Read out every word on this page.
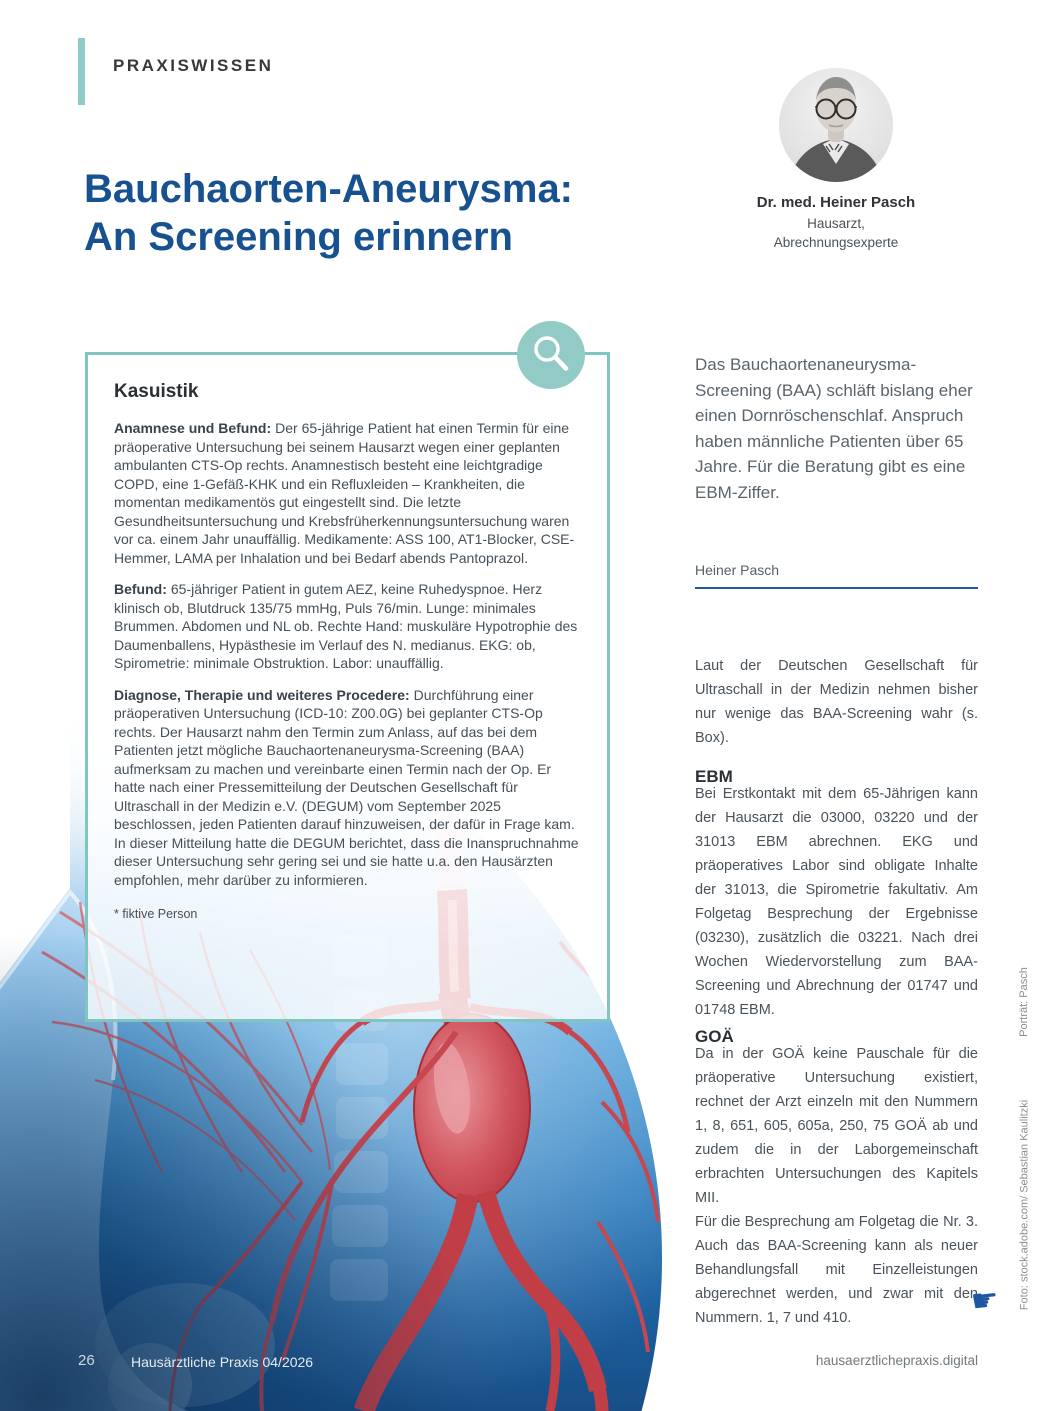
PRAXISWISSEN
Bauchaorten-Aneurysma:
An Screening erinnern
Dr. med. Heiner Pasch
Hausarzt,
Abrechnungsexperte
Kasuistik

Anamnese und Befund: Der 65-jährige Patient hat einen Termin für eine präoperative Untersuchung bei seinem Hausarzt wegen einer geplanten ambulanten CTS-Op rechts. Anamnestisch besteht eine leichtgradige COPD, eine 1-Gefäß-KHK und ein Refluxleiden – Krankheiten, die momentan medikamentös gut eingestellt sind. Die letzte Gesundheitsuntersuchung und Krebsfrüherkennungsuntersuchung waren vor ca. einem Jahr unauffällig. Medikamente: ASS 100, AT1-Blocker, CSE-Hemmer, LAMA per Inhalation und bei Bedarf abends Pantoprazol.

Befund: 65-jähriger Patient in gutem AEZ, keine Ruhedyspnoe. Herz klinisch ob, Blutdruck 135/75 mmHg, Puls 76/min. Lunge: minimales Brummen. Abdomen und NL ob. Rechte Hand: muskuläre Hypotrophie des Daumenballens, Hypästhesie im Verlauf des N. medianus. EKG: ob, Spirometrie: minimale Obstruktion. Labor: unauffällig.

Diagnose, Therapie und weiteres Procedere: Durchführung einer präoperativen Untersuchung (ICD-10: Z00.0G) bei geplanter CTS-Op rechts. Der Hausarzt nahm den Termin zum Anlass, auf das bei dem Patienten jetzt mögliche Bauchaortenaneurysma-Screening (BAA) aufmerksam zu machen und vereinbarte einen Termin nach der Op. Er hatte nach einer Pressemitteilung der Deutschen Gesellschaft für Ultraschall in der Medizin e.V. (DEGUM) vom September 2025 beschlossen, jeden Patienten darauf hinzuweisen, der dafür in Frage kam. In dieser Mitteilung hatte die DEGUM berichtet, dass die Inanspruchnahme dieser Untersuchung sehr gering sei und sie hatte u.a. den Hausärzten empfohlen, mehr darüber zu informieren.

* fiktive Person
Das Bauchaortenaneurysma-Screening (BAA) schläft bislang eher einen Dornröschenschlaf. Anspruch haben männliche Patienten über 65 Jahre. Für die Beratung gibt es eine EBM-Ziffer.
Heiner Pasch
Laut der Deutschen Gesellschaft für Ultraschall in der Medizin nehmen bisher nur wenige das BAA-Screening wahr (s. Box).
EBM
Bei Erstkontakt mit dem 65-Jährigen kann der Hausarzt die 03000, 03220 und der 31013 EBM abrechnen. EKG und präoperatives Labor sind obligate Inhalte der 31013, die Spirometrie fakultativ. Am Folgetag Besprechung der Ergebnisse (03230), zusätzlich die 03221. Nach drei Wochen Wiedervorstellung zum BAA-Screening und Abrechnung der 01747 und 01748 EBM.
GOÄ

Da in der GOÄ keine Pauschale für die präoperative Untersuchung existiert, rechnet der Arzt einzeln mit den Nummern 1, 8, 651, 605, 605a, 250, 75 GOÄ ab und zudem die in der Laborgemeinschaft erbrachten Untersuchungen des Kapitels MII.

Für die Besprechung am Folgetag die Nr. 3. Auch das BAA-Screening kann als neuer Behandlungsfall mit Einzelleistungen abgerechnet werden, und zwar mit den Nummern. 1, 7 und 410.	☛
Porträt: Pasch
Foto: stock.adobe.com/ Sebastian Kaulitzki
26	Hausärztliche Praxis 04/2026	hausaerztlichepraxis.digital
